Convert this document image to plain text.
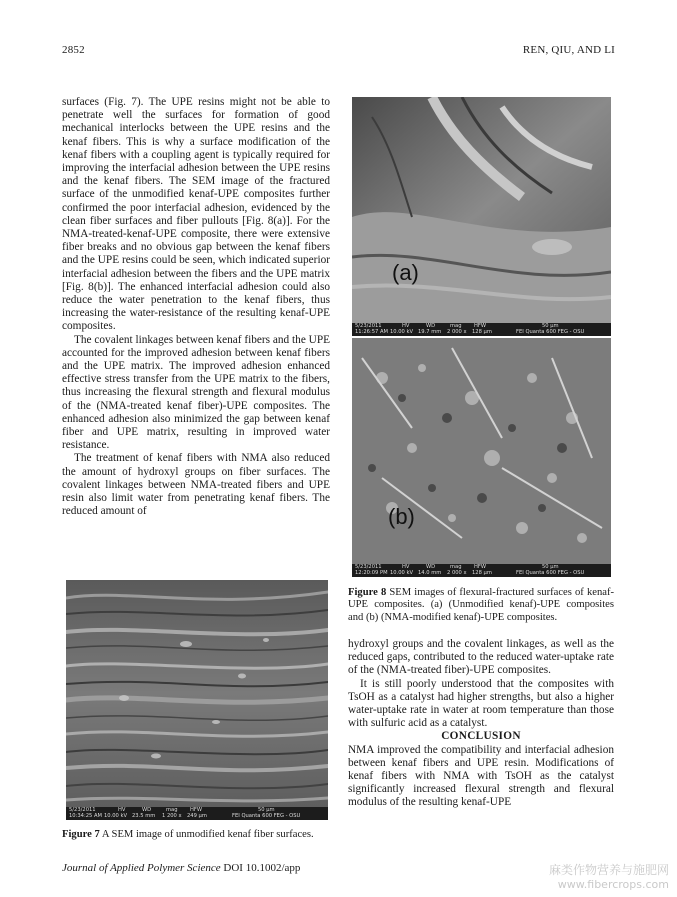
2852	REN, QIU, AND LI

surfaces (Fig. 7). The UPE resins might not be able to penetrate well the surfaces for formation of good mechanical interlocks between the UPE resins and the kenaf fibers. This is why a surface modification of the kenaf fibers with a coupling agent is typically required for improving the interfacial adhesion between the UPE resins and the kenaf fibers. The SEM image of the fractured surface of the unmodified kenaf-UPE composites further confirmed the poor interfacial adhesion, evidenced by the clean fiber surfaces and fiber pullouts [Fig. 8(a)]. For the NMA-treated-kenaf-UPE composite, there were extensive fiber breaks and no obvious gap between the kenaf fibers and the UPE resins could be seen, which indicated superior interfacial adhesion between the fibers and the UPE matrix [Fig. 8(b)]. The enhanced interfacial adhesion could also reduce the water penetration to the kenaf fibers, thus increasing the water-resistance of the resulting kenaf-UPE composites.

The covalent linkages between kenaf fibers and the UPE accounted for the improved adhesion between kenaf fibers and the UPE matrix. The improved adhesion enhanced effective stress transfer from the UPE matrix to the fibers, thus increasing the flexural strength and flexural modulus of the (NMA-treated kenaf fiber)-UPE composites. The enhanced adhesion also minimized the gap between kenaf fiber and UPE matrix, resulting in improved water resistance.

The treatment of kenaf fibers with NMA also reduced the amount of hydroxyl groups on fiber surfaces. The covalent linkages between NMA-treated fibers and UPE resin also limit water from penetrating kenaf fibers. The reduced amount of

5/23/2011	HV	WD	mag HFW	50 μm
10:34:25 AM 10.00 kV 23.5 mm 1 200 x 249 μm	FEI Quanta 600 FEG - OSU
Figure 7 A SEM image of unmodified kenaf fiber surfaces.
(a)
5/23/2011	HV	WD	mag HFW	50 μm
11:26:57 AM 10.00 kV 19.7 mm 2 000 x 128 μm	FEI Quanta 600 FEG - OSU
(b)
5/23/2011	HV	WD	mag HFW	50 μm
12:20:09 PM 10.00 kV 14.0 mm 2 000 x 128 μm	FEI Quanta 600 FEG - OSU
Figure 8 SEM images of flexural-fractured surfaces of kenaf-UPE composites. (a) (Unmodified kenaf)-UPE composites and (b) (NMA-modified kenaf)-UPE composites.

hydroxyl groups and the covalent linkages, as well as the reduced gaps, contributed to the reduced water-uptake rate of the (NMA-treated fiber)-UPE composites.

It is still poorly understood that the composites with TsOH as a catalyst had higher strengths, but also a higher water-uptake rate in water at room temperature than those with sulfuric acid as a catalyst.

CONCLUSION

NMA improved the compatibility and interfacial adhesion between kenaf fibers and UPE resin. Modifications of kenaf fibers with NMA with TsOH as the catalyst significantly increased flexural strength and flexural modulus of the resulting kenaf-UPE

Journal of Applied Polymer Science DOI 10.1002/app	麻类作物营养与施肥网
www.fibercrops.com
